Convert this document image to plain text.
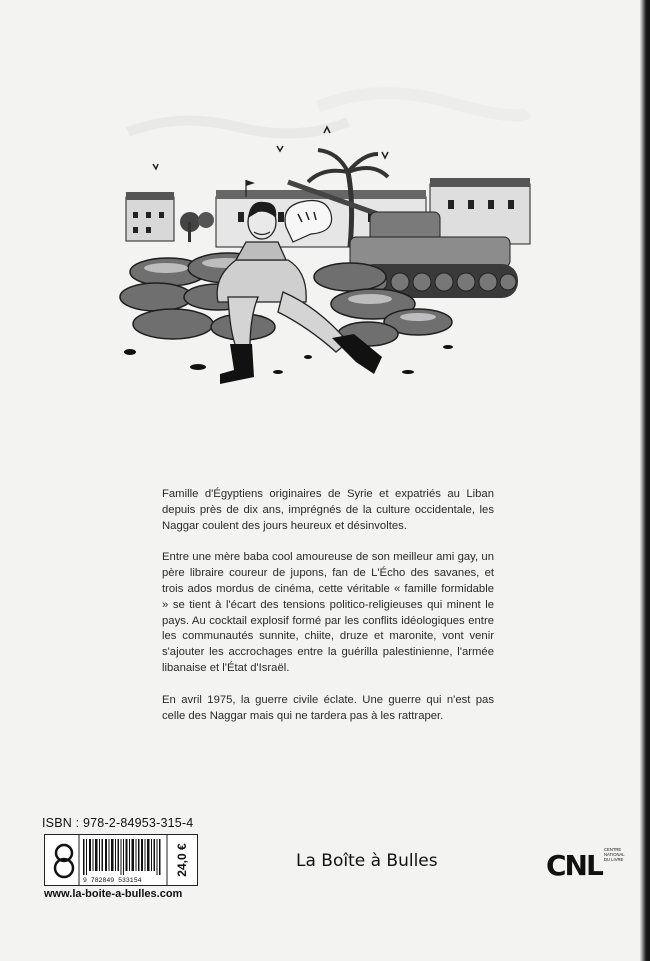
Famille d'Égyptiens originaires de Syrie et expatriés au Liban depuis près de dix ans, imprégnés de la culture occidentale, les Naggar coulent des jours heureux et désinvoltes.

Entre une mère baba cool amoureuse de son meilleur ami gay, un père libraire coureur de jupons, fan de L'Écho des savanes, et trois ados mordus de cinéma, cette véritable « famille formidable » se tient à l'écart des tensions politico-religieuses qui minent le pays. Au cocktail explosif formé par les conflits idéologiques entre les communautés sunnite, chiite, druze et maronite, vont venir s'ajouter les accrochages entre la guérilla palestinienne, l'armée libanaise et l'État d'Israël.

En avril 1975, la guerre civile éclate. Une guerre qui n'est pas celle des Naggar mais qui ne tardera pas à les rattraper.

ISBN : 978-2-84953-315-4
9 782849 533154
24,0 €
www.la-boite-a-bulles.com
La Boîte à Bulles	CNL CENTRE
NATIONAL
DU LIVRE
